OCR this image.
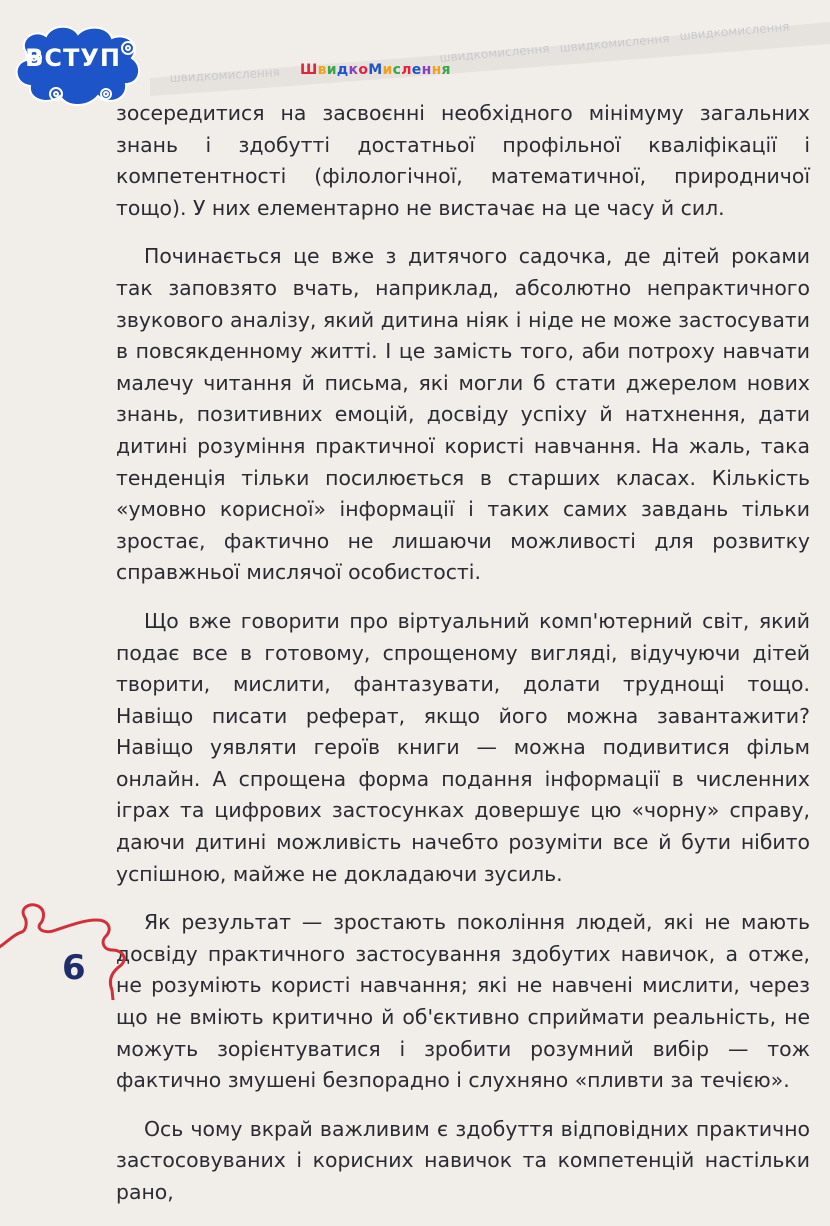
ВСТУП
швидкомислення
швидкомислення швидкомислення
швидкомислення
ШвидкоМислення

зосередитися на засвоєнні необхідного мінімуму загальних знань і здобутті достатньої профільної кваліфікації і компетентності (філологічної, математичної, природничої тощо). У них елементарно не вистачає на це часу й сил.

Починається це вже з дитячого садочка, де дітей роками так заповзято вчать, наприклад, абсолютно непрактичного звукового аналізу, який дитина ніяк і ніде не може застосувати в повсякденному житті. І це замість того, аби потроху навчати малечу читання й письма, які могли б стати джерелом нових знань, позитивних емоцій, досвіду успіху й натхнення, дати дитині розуміння практичної користі навчання. На жаль, така тенденція тільки посилюється в старших класах. Кількість «умовно корисної» інформації і таких самих завдань тільки зростає, фактично не лишаючи можливості для розвитку справжньої мислячої особистості.

Що вже говорити про віртуальний комп'ютерний світ, який подає все в готовому, спрощеному вигляді, відучуючи дітей творити, мислити, фантазувати, долати труднощі тощо. Навіщо писати реферат, якщо його можна завантажити? Навіщо уявляти героїв книги — можна подивитися фільм онлайн. А спрощена форма подання інформації в численних іграх та цифрових застосунках довершує цю «чорну» справу, даючи дитині можливість начебто розуміти все й бути нібито успішною, майже не докладаючи зусиль.

Як результат — зростають покоління людей, які не мають досвіду практичного застосування здобутих навичок, а отже, не розуміють користі навчання; які не навчені мислити, через що не вміють критично й об'єктивно сприймати реальність, не можуть зорієнтуватися і зробити розумний вибір — тож фактично змушені безпорадно і слухняно «пливти за течією».

Ось чому вкрай важливим є здобуття відповідних практично застосовуваних і корисних навичок та компетенцій настільки рано,

6
